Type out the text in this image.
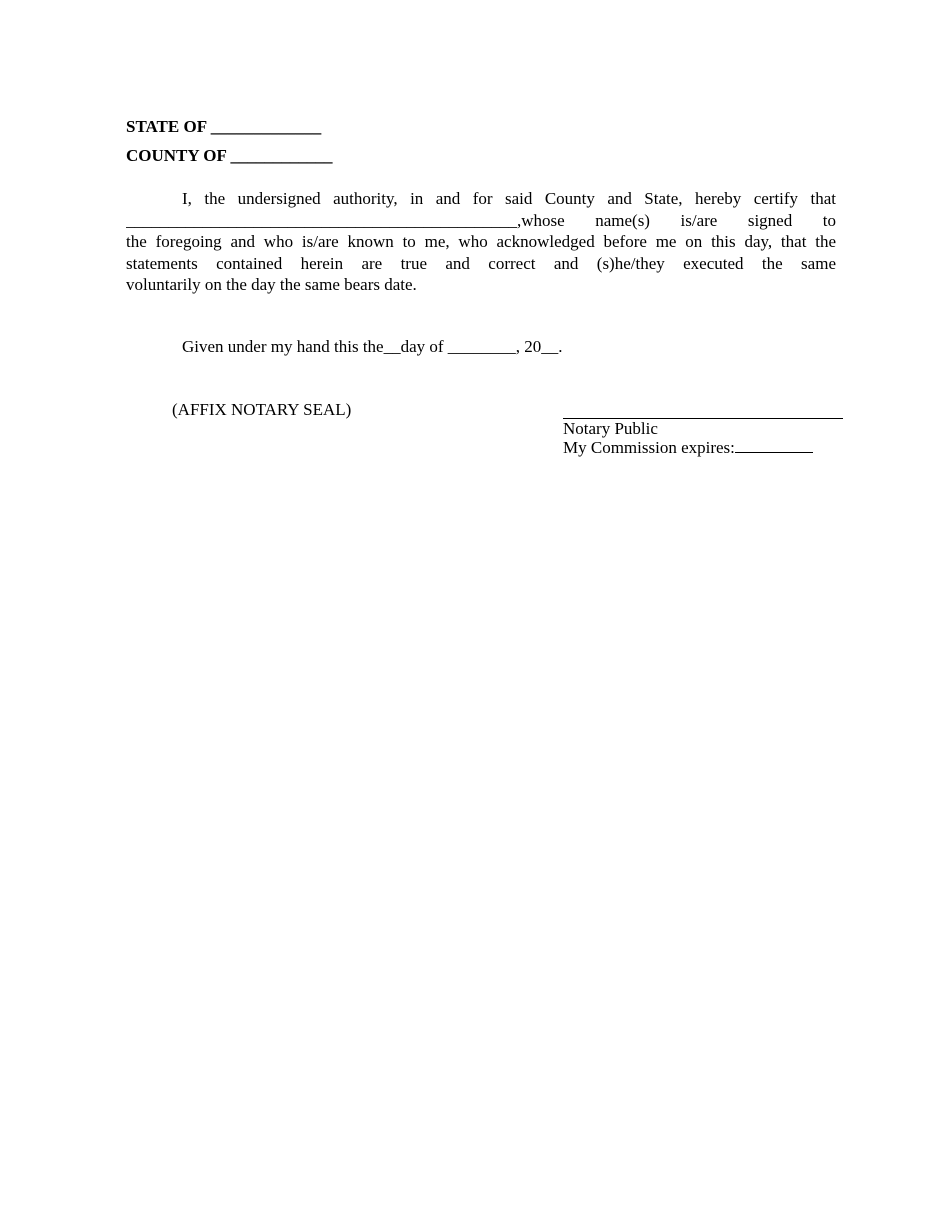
STATE OF _____________
COUNTY OF ____________
I, the undersigned authority, in and for said County and State, hereby certify that
______________________________________________,whose name(s) is/are signed to
the foregoing and who is/are known to me, who acknowledged before me on this day, that the
statements contained herein are true and correct and (s)he/they executed the same
voluntarily on the day the same bears date.
Given under my hand this the__day of ________, 20__.
(AFFIX NOTARY SEAL)
Notary Public
My Commission expires:
